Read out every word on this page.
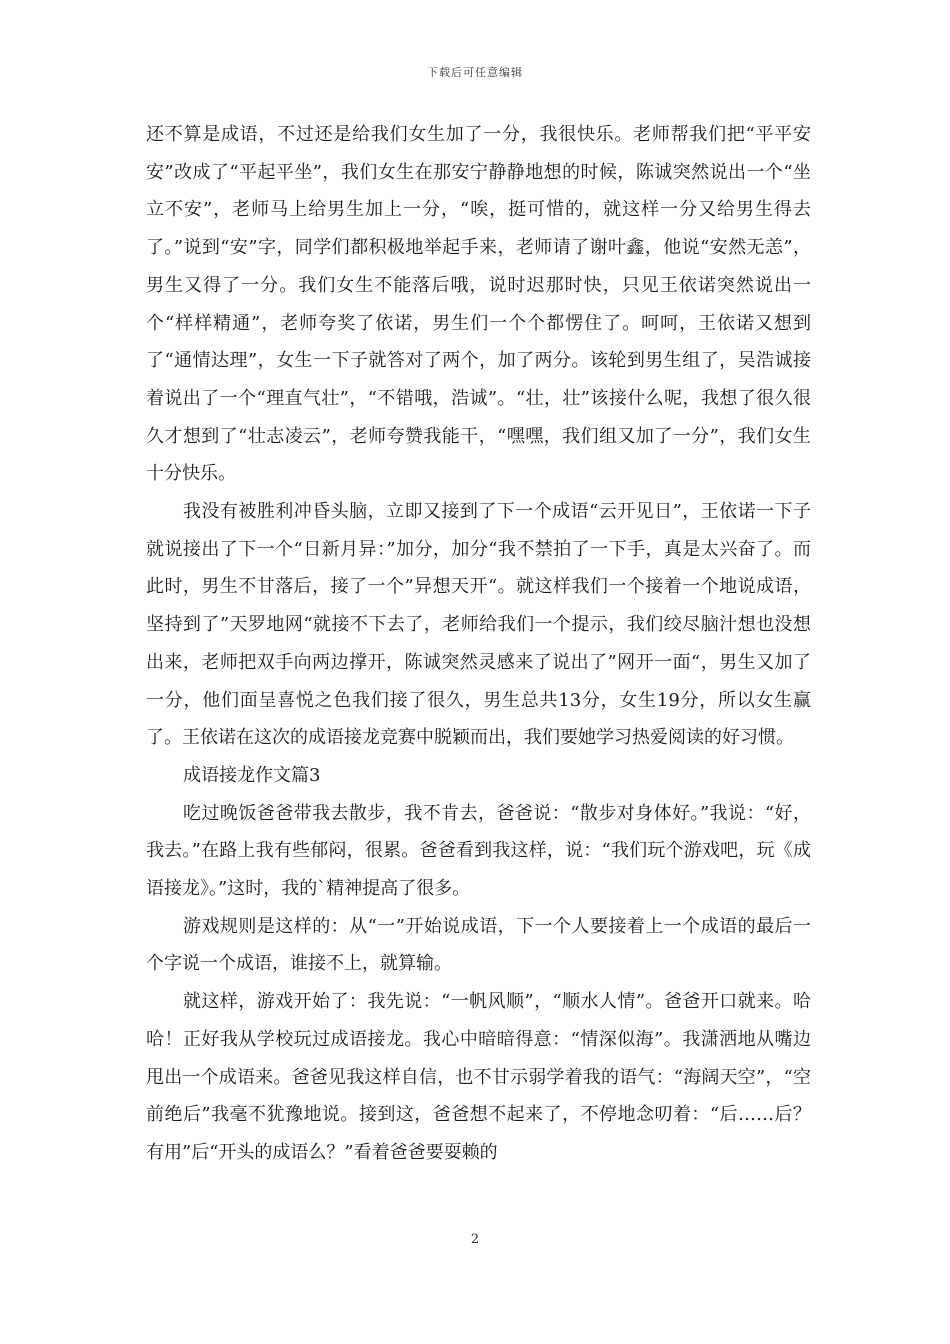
下载后可任意编辑

还不算是成语，不过还是给我们女生加了一分，我很快乐。老师帮我们把“平平安安”改成了“平起平坐”，我们女生在那安宁静静地想的时候，陈诚突然说出一个“坐立不安”，老师马上给男生加上一分，“唉，挺可惜的，就这样一分又给男生得去了。”说到“安”字，同学们都积极地举起手来，老师请了谢叶鑫，他说“安然无恙”，男生又得了一分。我们女生不能落后哦，说时迟那时快，只见王依诺突然说出一个“样样精通”，老师夸奖了依诺，男生们一个个都愣住了。呵呵，王依诺又想到了“通情达理”，女生一下子就答对了两个，加了两分。该轮到男生组了，吴浩诚接着说出了一个“理直气壮”，“不错哦，浩诚”。“壮，壮”该接什么呢，我想了很久很久才想到了“壮志凌云”，老师夸赞我能干，“嘿嘿，我们组又加了一分”，我们女生十分快乐。

我没有被胜利冲昏头脑，立即又接到了下一个成语“云开见日”，王依诺一下子就说接出了下一个“日新月异：”加分，加分“我不禁拍了一下手，真是太兴奋了。而此时，男生不甘落后，接了一个”异想天开“。就这样我们一个接着一个地说成语，坚持到了”天罗地网“就接不下去了，老师给我们一个提示，我们绞尽脑汁想也没想出来，老师把双手向两边撑开，陈诚突然灵感来了说出了”网开一面“，男生又加了一分，他们面呈喜悦之色我们接了很久，男生总共13分，女生19分，所以女生赢了。王依诺在这次的成语接龙竞赛中脱颖而出，我们要她学习热爱阅读的好习惯。

成语接龙作文篇3

吃过晚饭爸爸带我去散步，我不肯去，爸爸说：“散步对身体好。”我说：“好，我去。”在路上我有些郁闷，很累。爸爸看到我这样，说：“我们玩个游戏吧，玩《成语接龙》。”这时，我的`精神提高了很多。

游戏规则是这样的：从“一”开始说成语，下一个人要接着上一个成语的最后一个字说一个成语，谁接不上，就算输。

就这样，游戏开始了：我先说：“一帆风顺”，“顺水人情”。爸爸开口就来。哈哈！正好我从学校玩过成语接龙。我心中暗暗得意：“情深似海”。我潇洒地从嘴边甩出一个成语来。爸爸见我这样自信，也不甘示弱学着我的语气：“海阔天空”，“空前绝后”我毫不犹豫地说。接到这，爸爸想不起来了，不停地念叨着：“后……后？有用”后“开头的成语么？”看着爸爸要耍赖的

2
